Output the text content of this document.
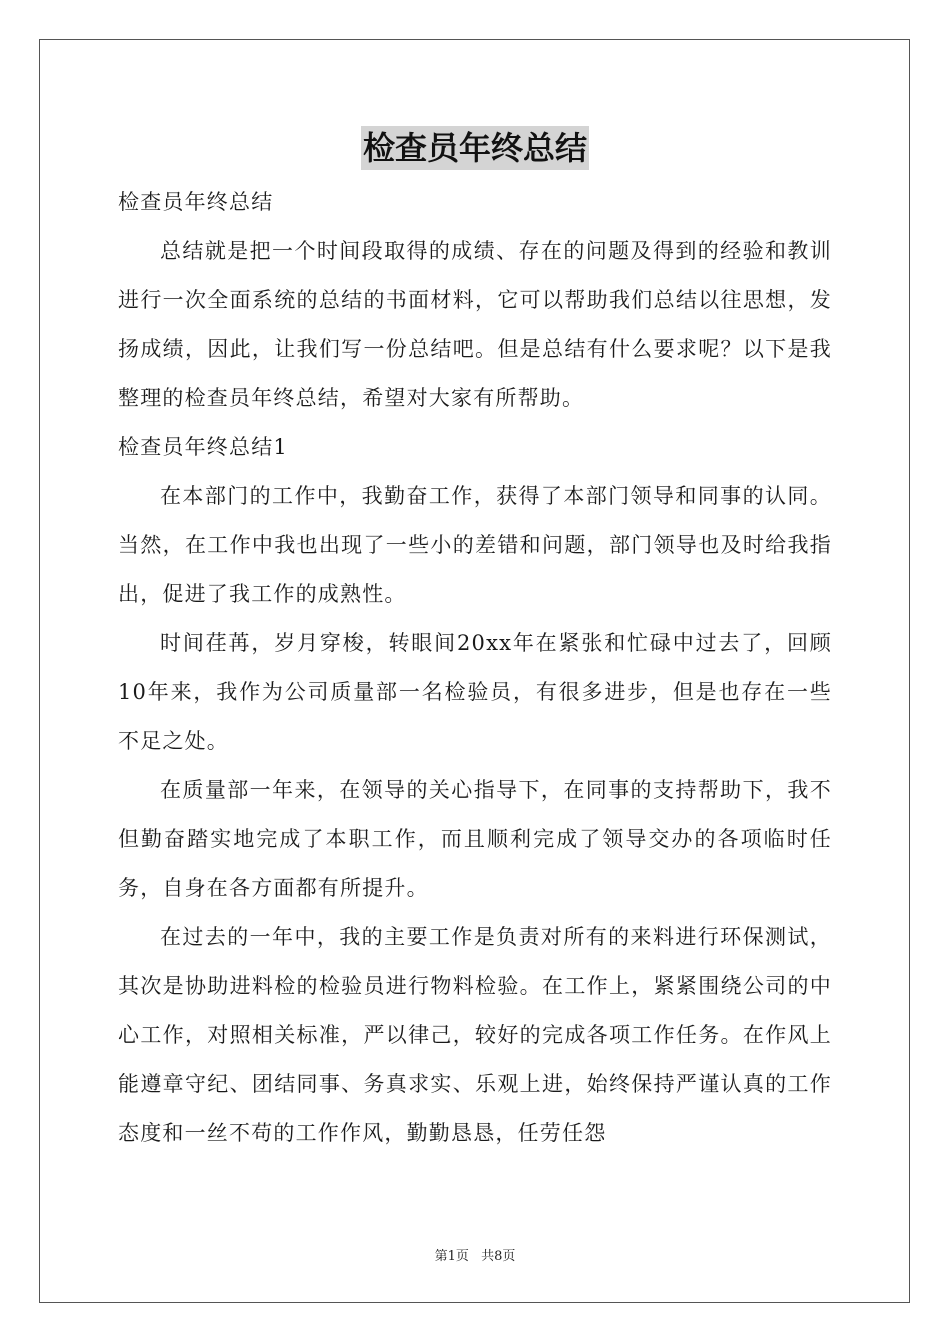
检查员年终总结

检查员年终总结

总结就是把一个时间段取得的成绩、存在的问题及得到的经验和教训进行一次全面系统的总结的书面材料，它可以帮助我们总结以往思想，发扬成绩，因此，让我们写一份总结吧。但是总结有什么要求呢？以下是我整理的检查员年终总结，希望对大家有所帮助。

检查员年终总结1

在本部门的工作中，我勤奋工作，获得了本部门领导和同事的认同。当然，在工作中我也出现了一些小的差错和问题，部门领导也及时给我指出，促进了我工作的成熟性。

时间荏苒，岁月穿梭，转眼间20xx年在紧张和忙碌中过去了，回顾10年来，我作为公司质量部一名检验员，有很多进步，但是也存在一些不足之处。

在质量部一年来，在领导的关心指导下，在同事的支持帮助下，我不但勤奋踏实地完成了本职工作，而且顺利完成了领导交办的各项临时任务，自身在各方面都有所提升。

在过去的一年中，我的主要工作是负责对所有的来料进行环保测试，其次是协助进料检的检验员进行物料检验。在工作上，紧紧围绕公司的中心工作，对照相关标准，严以律己，较好的完成各项工作任务。在作风上能遵章守纪、团结同事、务真求实、乐观上进，始终保持严谨认真的工作态度和一丝不苟的工作作风，勤勤恳恳，任劳任怨

第1页 共8页
